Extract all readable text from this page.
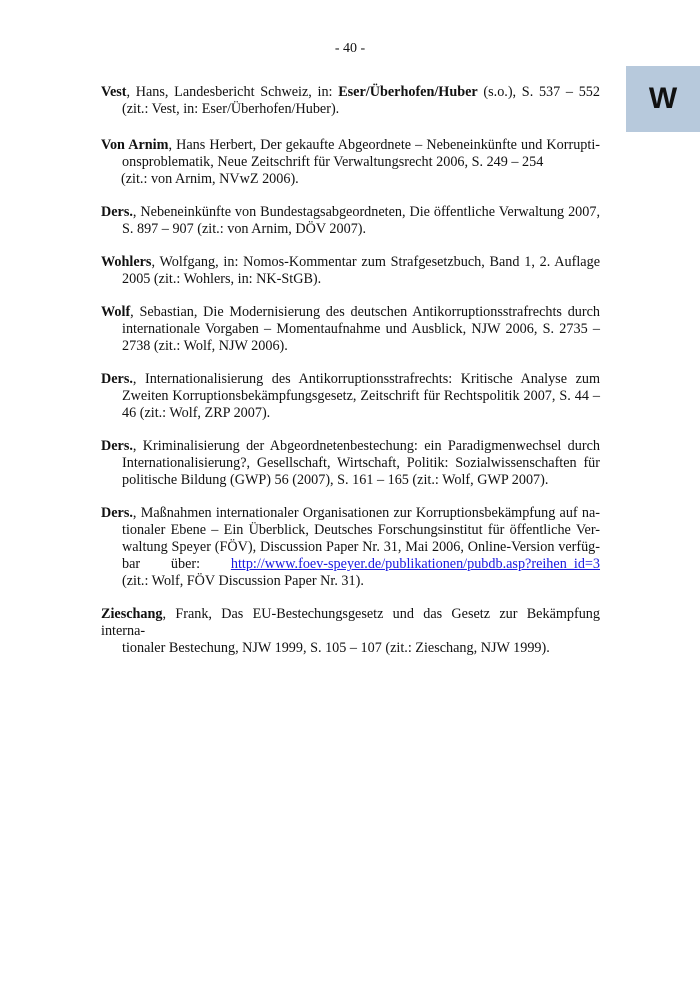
- 40 -
W
Vest, Hans, Landesbericht Schweiz, in: Eser/Überhofen/Huber (s.o.), S. 537 – 552
(zit.: Vest, in: Eser/Überhofen/Huber).
Von Arnim, Hans Herbert, Der gekaufte Abgeordnete – Nebeneinkünfte und Korrupti-
onsproblematik, Neue Zeitschrift für Verwaltungsrecht 2006, S. 249 – 254
(zit.: von Arnim, NVwZ 2006).
Ders., Nebeneinkünfte von Bundestagsabgeordneten, Die öffentliche Verwaltung 2007,
S. 897 – 907 (zit.: von Arnim, DÖV 2007).
Wohlers, Wolfgang, in: Nomos-Kommentar zum Strafgesetzbuch, Band 1, 2. Auflage
2005 (zit.: Wohlers, in: NK-StGB).
Wolf, Sebastian, Die Modernisierung des deutschen Antikorruptionsstrafrechts durch
internationale Vorgaben – Momentaufnahme und Ausblick, NJW 2006, S. 2735 –
2738 (zit.: Wolf, NJW 2006).
Ders., Internationalisierung des Antikorruptionsstrafrechts: Kritische Analyse zum
Zweiten Korruptionsbekämpfungsgesetz, Zeitschrift für Rechtspolitik 2007, S. 44 –
46 (zit.: Wolf, ZRP 2007).
Ders., Kriminalisierung der Abgeordnetenbestechung: ein Paradigmenwechsel durch
Internationalisierung?, Gesellschaft, Wirtschaft, Politik: Sozialwissenschaften für
politische Bildung (GWP) 56 (2007), S. 161 – 165 (zit.: Wolf, GWP 2007).
Ders., Maßnahmen internationaler Organisationen zur Korruptionsbekämpfung auf na-
tionaler Ebene – Ein Überblick, Deutsches Forschungsinstitut für öffentliche Ver-
waltung Speyer (FÖV), Discussion Paper Nr. 31, Mai 2006, Online-Version verfüg-
bar über: http://www.foev-speyer.de/publikationen/pubdb.asp?reihen_id=3
(zit.: Wolf, FÖV Discussion Paper Nr. 31).
Zieschang, Frank, Das EU-Bestechungsgesetz und das Gesetz zur Bekämpfung interna-
tionaler Bestechung, NJW 1999, S. 105 – 107 (zit.: Zieschang, NJW 1999).
